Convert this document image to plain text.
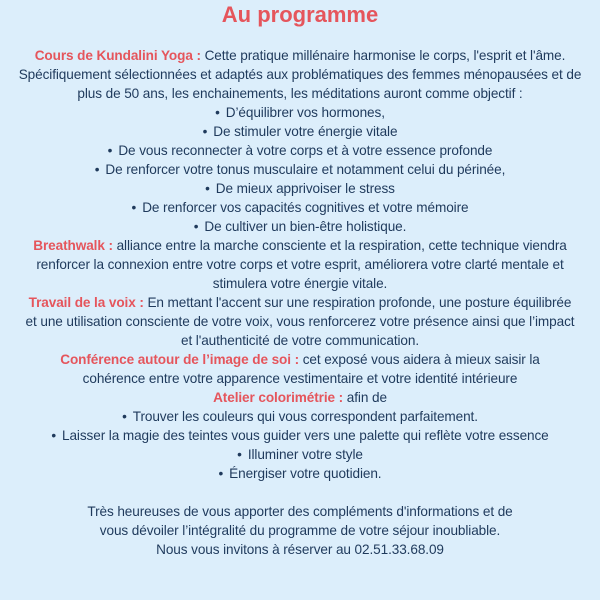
Au programme
Cours de Kundalini Yoga : Cette pratique millénaire harmonise le corps, l'esprit et l'âme.
Spécifiquement sélectionnées et adaptés aux problématiques des femmes ménopausées et de
plus de 50 ans, les enchainements, les méditations auront comme objectif :
• D’équilibrer vos hormones,
• De stimuler votre énergie vitale
• De vous reconnecter à votre corps et à votre essence profonde
• De renforcer votre tonus musculaire et notamment celui du périnée,
• De mieux apprivoiser le stress
• De renforcer vos capacités cognitives et votre mémoire
• De cultiver un bien-être holistique.
Breathwalk : alliance entre la marche consciente et la respiration, cette technique viendra
renforcer la connexion entre votre corps et votre esprit, améliorera votre clarté mentale et
stimulera votre énergie vitale.
Travail de la voix : En mettant l'accent sur une respiration profonde, une posture équilibrée
et une utilisation consciente de votre voix, vous renforcerez votre présence ainsi que l’impact
et l'authenticité de votre communication.
Conférence autour de l’image de soi : cet exposé vous aidera à mieux saisir la
cohérence entre votre apparence vestimentaire et votre identité intérieure
Atelier colorimétrie : afin de
• Trouver les couleurs qui vous correspondent parfaitement.
• Laisser la magie des teintes vous guider vers une palette qui reflète votre essence
• Illuminer votre style
• Énergiser votre quotidien.
Très heureuses de vous apporter des compléments d'informations et de
vous dévoiler l’intégralité du programme de votre séjour inoubliable.
Nous vous invitons à réserver au 02.51.33.68.09
